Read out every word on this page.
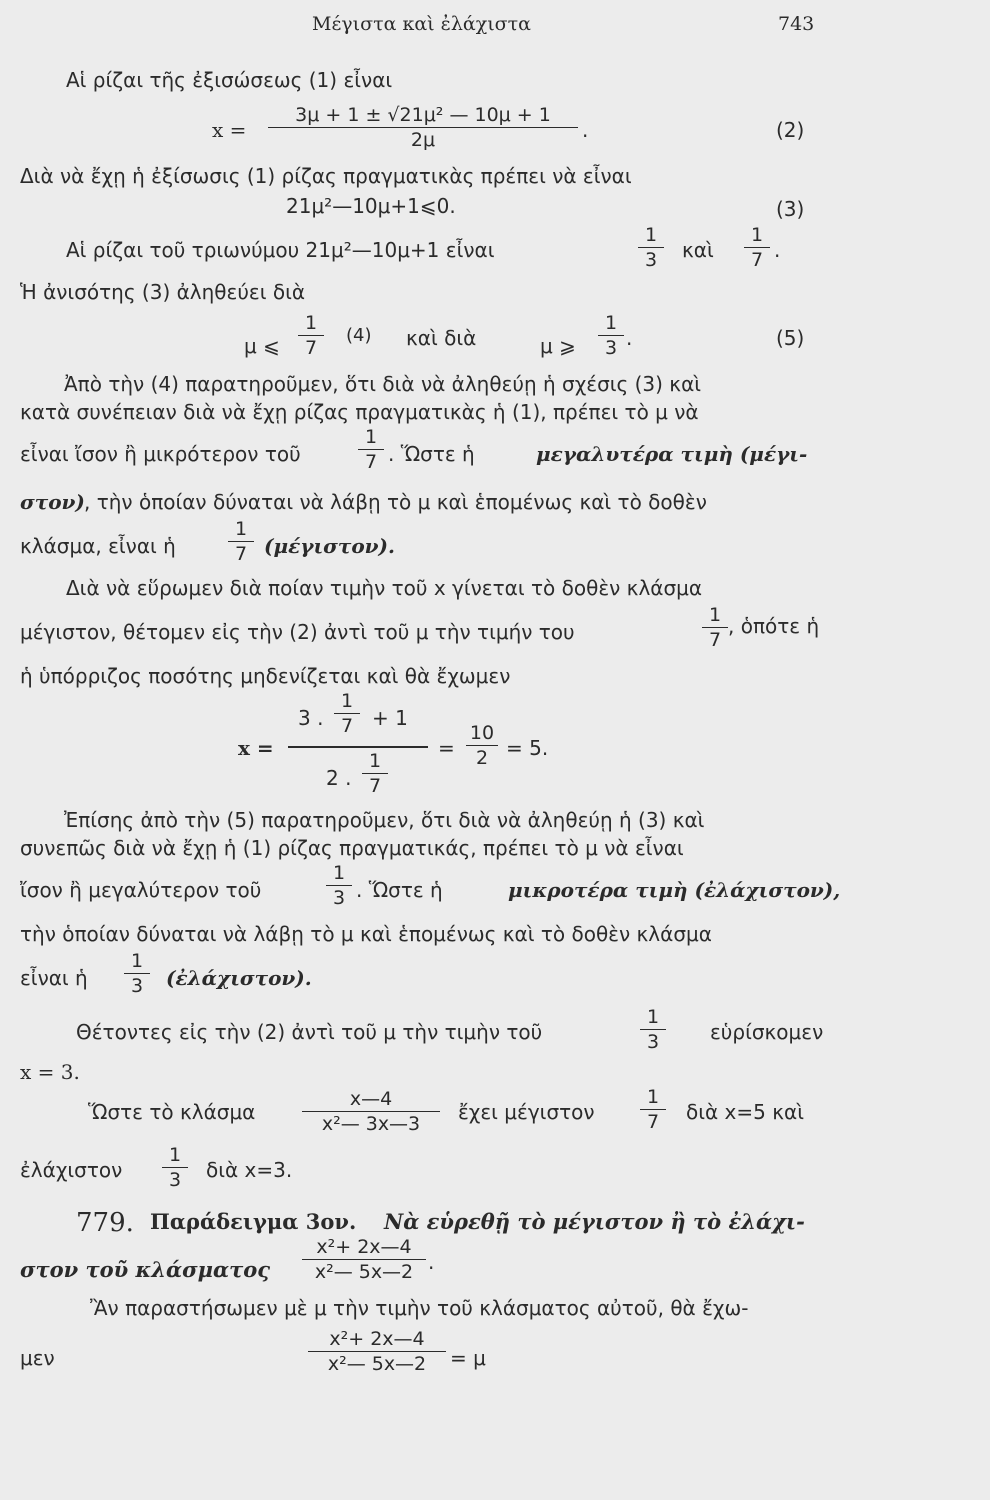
Μέγιστα καὶ ἐλάχιστα	743
Αἱ ρίζαι τῆς ἐξισώσεως (1) εἶναι
$x = \frac{\text{3μ + 1 ± √21μ² — 10μ + 1}}{2\mu}$ .	(2)
Διὰ νὰ ἔχῃ ἡ ἐξίσωσις (1) ρίζας πραγματικὰς πρέπει νὰ εἶναι
21μ²—10μ+1⩽0.	(3)
Αἱ ρίζαι τοῦ τριωνύμου 21μ²—10μ+1 εἶναι	$\frac{1}{3}$ καὶ $\frac{1}{7}$ .
Ἡ ἀνισότης (3) ἀληθεύει διὰ
μ ⩽ $\frac{1}{7} (4)$ καὶ διὰ	μ ⩾ $\frac{1}{3}$ .	(5)
Ἀπὸ τὴν (4) παρατηροῦμεν, ὅτι διὰ νὰ ἀληθεύῃ ἡ σχέσις (3) καὶ
κατὰ συνέπειαν διὰ νὰ ἔχῃ ρίζας πραγματικὰς ἡ (1), πρέπει τὸ μ νὰ
εἶναι ἴσον ἢ μικρότερον τοῦ	$\frac{1}{7}$ . Ὥστε ἡ	μεγαλυτέρα τιμὴ (μέγι-
στον) , τὴν ὁποίαν δύναται νὰ λάβῃ τὸ μ καὶ ἑπομένως καὶ τὸ δοθὲν
κλάσμα, εἶναι ἡ	$\frac{1}{7} (\mu έ\gamma\iota\sigma\tau o\nu)$.
Διὰ νὰ εὕρωμεν διὰ ποίαν τιμὴν τοῦ x γίνεται τὸ δοθὲν κλάσμα
μέγιστον, θέτομεν εἰς τὴν (2) ἀντὶ τοῦ μ τὴν τιμήν του	$\frac{1}{7}$ , ὁπότε ἡ
ἡ ὑπόρριζος ποσότης μηδενίζεται καὶ θὰ ἔχωμεν
x =
3 . $\frac{1}{7} + 1$
2 . $\frac{1}{7}$
= $\frac{10}{2} = 5$.
Ἐπίσης ἀπὸ τὴν (5) παρατηροῦμεν, ὅτι διὰ νὰ ἀληθεύῃ ἡ (3) καὶ
συνεπῶς διὰ νὰ ἔχῃ ἡ (1) ρίζας πραγματικάς, πρέπει τὸ μ νὰ εἶναι
ἴσον ἢ μεγαλύτερον τοῦ	$\frac{1}{3}$ . Ὥστε ἡ	μικροτέρα τιμὴ (ἐλάχιστον),
τὴν ὁποίαν δύναται νὰ λάβῃ τὸ μ καὶ ἑπομένως καὶ τὸ δοθὲν κλάσμα
εἶναι ἡ $\frac{1}{3}$ (ἐλάχιστον).
Θέτοντες εἰς τὴν (2) ἀντὶ τοῦ μ τὴν τιμὴν τοῦ	$\frac{1}{3}$ εὑρίσκομεν
x = 3.
Ὥστε τὸ κλάσμα $\frac{x—4}{\text{x²— 3x—3}}$ ἔχει μέγιστον $\frac{1}{7}$ διὰ x=5 καὶ
ἐλάχιστον $\frac{1}{3}$ διὰ x=3.
779. Παράδειγμα 3ον. Νὰ εὑρεθῇ τὸ μέγιστον ἢ τὸ ἐλάχι-
στον τοῦ κλάσματος $\frac{\text{x²+ 2x—4}}{\text{x²— 5x—2}}$ .
Ἂν παραστήσωμεν μὲ μ τὴν τιμὴν τοῦ κλάσματος αὐτοῦ, θὰ ἔχω-
μεν	$\frac{\text{x²+ 2x—4}}{\text{x²— 5x—2}} = \mu$
